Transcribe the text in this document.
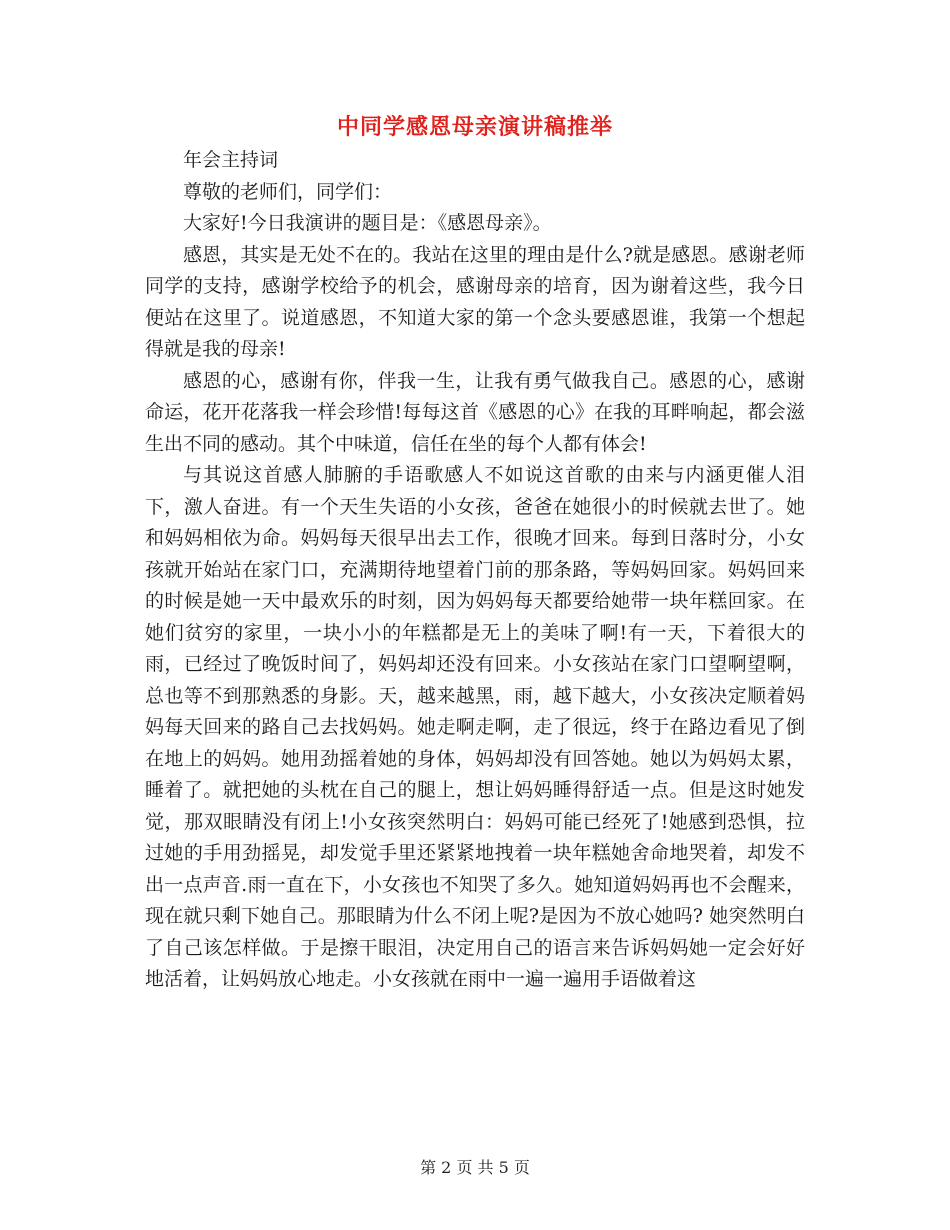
中同学感恩母亲演讲稿推举

年会主持词

尊敬的老师们，同学们：

大家好!今日我演讲的题目是：《感恩母亲》。

感恩，其实是无处不在的。我站在这里的理由是什么?就是感恩。感谢老师同学的支持，感谢学校给予的机会，感谢母亲的培育，因为谢着这些，我今日便站在这里了。说道感恩，不知道大家的第一个念头要感恩谁，我第一个想起得就是我的母亲!

感恩的心，感谢有你，伴我一生，让我有勇气做我自己。感恩的心，感谢命运，花开花落我一样会珍惜!每每这首《感恩的心》在我的耳畔响起，都会滋生出不同的感动。其个中味道，信任在坐的每个人都有体会!

与其说这首感人肺腑的手语歌感人不如说这首歌的由来与内涵更催人泪下，激人奋进。有一个天生失语的小女孩，爸爸在她很小的时候就去世了。她和妈妈相依为命。妈妈每天很早出去工作，很晚才回来。每到日落时分，小女孩就开始站在家门口，充满期待地望着门前的那条路，等妈妈回家。妈妈回来的时候是她一天中最欢乐的时刻，因为妈妈每天都要给她带一块年糕回家。在她们贫穷的家里，一块小小的年糕都是无上的美味了啊!有一天，下着很大的雨，已经过了晚饭时间了，妈妈却还没有回来。小女孩站在家门口望啊望啊，总也等不到那熟悉的身影。天，越来越黑，雨，越下越大，小女孩决定顺着妈妈每天回来的路自己去找妈妈。她走啊走啊，走了很远，终于在路边看见了倒在地上的妈妈。她用劲摇着她的身体，妈妈却没有回答她。她以为妈妈太累，睡着了。就把她的头枕在自己的腿上，想让妈妈睡得舒适一点。但是这时她发觉，那双眼睛没有闭上!小女孩突然明白：妈妈可能已经死了!她感到恐惧，拉过她的手用劲摇晃，却发觉手里还紧紧地拽着一块年糕她舍命地哭着，却发不出一点声音.雨一直在下，小女孩也不知哭了多久。她知道妈妈再也不会醒来，现在就只剩下她自己。那眼睛为什么不闭上呢?是因为不放心她吗? 她突然明白了自己该怎样做。于是擦干眼泪，决定用自己的语言来告诉妈妈她一定会好好地活着，让妈妈放心地走。小女孩就在雨中一遍一遍用手语做着这

第 2 页 共 5 页
